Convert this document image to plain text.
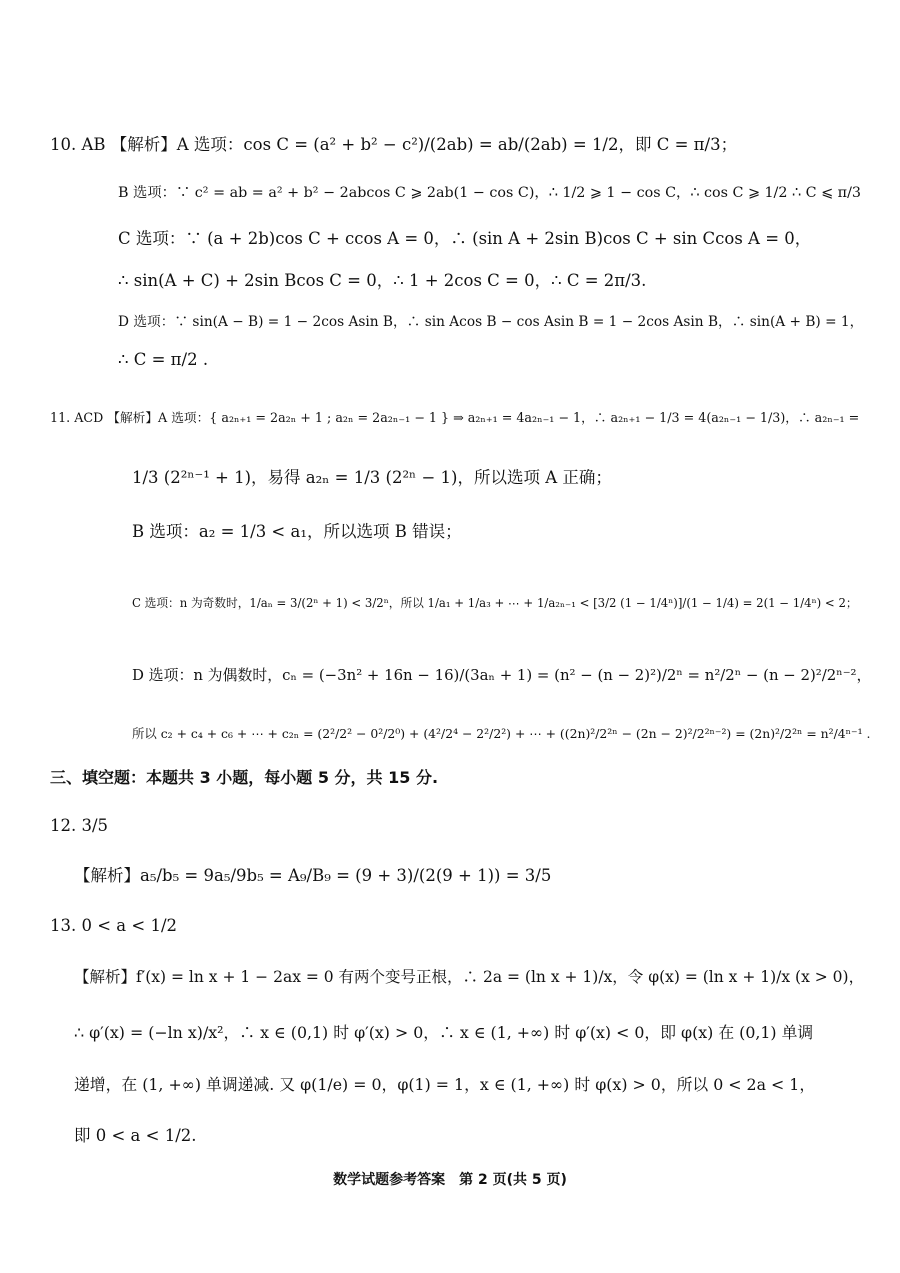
10. AB 【解析】A 选项：cos C = (a² + b² − c²)/(2ab) = ab/(2ab) = 1/2，即 C = π/3；
B 选项：∵ c² = ab = a² + b² − 2abcos C ⩾ 2ab(1 − cos C)，∴ 1/2 ⩾ 1 − cos C，∴ cos C ⩾ 1/2 ∴ C ⩽ π/3
C 选项：∵ (a + 2b)cos C + ccos A = 0，∴ (sin A + 2sin B)cos C + sin Ccos A = 0，
∴ sin(A + C) + 2sin Bcos C = 0，∴ 1 + 2cos C = 0，∴ C = 2π/3.
D 选项：∵ sin(A − B) = 1 − 2cos Asin B，∴ sin Acos B − cos Asin B = 1 − 2cos Asin B，∴ sin(A + B) = 1，
∴ C = π/2 .
11. ACD 【解析】A 选项：{ a₂ₙ₊₁ = 2a₂ₙ + 1 ; a₂ₙ = 2a₂ₙ₋₁ − 1 } ⇒ a₂ₙ₊₁ = 4a₂ₙ₋₁ − 1，∴ a₂ₙ₊₁ − 1/3 = 4(a₂ₙ₋₁ − 1/3)，∴ a₂ₙ₋₁ =
1/3 (2²ⁿ⁻¹ + 1)，易得 a₂ₙ = 1/3 (2²ⁿ − 1)，所以选项 A 正确；
B 选项：a₂ = 1/3 < a₁，所以选项 B 错误；
C 选项：n 为奇数时，1/aₙ = 3/(2ⁿ + 1) < 3/2ⁿ，所以 1/a₁ + 1/a₃ + ⋯ + 1/a₂ₙ₋₁ < [3/2 (1 − 1/4ⁿ)]/(1 − 1/4) = 2(1 − 1/4ⁿ) < 2；
D 选项：n 为偶数时，cₙ = (−3n² + 16n − 16)/(3aₙ + 1) = (n² − (n − 2)²)/2ⁿ = n²/2ⁿ − (n − 2)²/2ⁿ⁻²，
所以 c₂ + c₄ + c₆ + ⋯ + c₂ₙ = (2²/2² − 0²/2⁰) + (4²/2⁴ − 2²/2²) + ⋯ + ((2n)²/2²ⁿ − (2n − 2)²/2²ⁿ⁻²) = (2n)²/2²ⁿ = n²/4ⁿ⁻¹ .
三、填空题：本题共 3 小题，每小题 5 分，共 15 分.
12. 3/5
【解析】a₅/b₅ = 9a₅/9b₅ = A₉/B₉ = (9 + 3)/(2(9 + 1)) = 3/5
13. 0 < a < 1/2
【解析】f′(x) = ln x + 1 − 2ax = 0 有两个变号正根，∴ 2a = (ln x + 1)/x，令 φ(x) = (ln x + 1)/x (x > 0)，
∴ φ′(x) = (−ln x)/x²，∴ x ∈ (0,1) 时 φ′(x) > 0，∴ x ∈ (1, +∞) 时 φ′(x) < 0，即 φ(x) 在 (0,1) 单调
递增，在 (1, +∞) 单调递减. 又 φ(1/e) = 0，φ(1) = 1，x ∈ (1, +∞) 时 φ(x) > 0，所以 0 < 2a < 1，
即 0 < a < 1/2.
数学试题参考答案　第 2 页(共 5 页)
